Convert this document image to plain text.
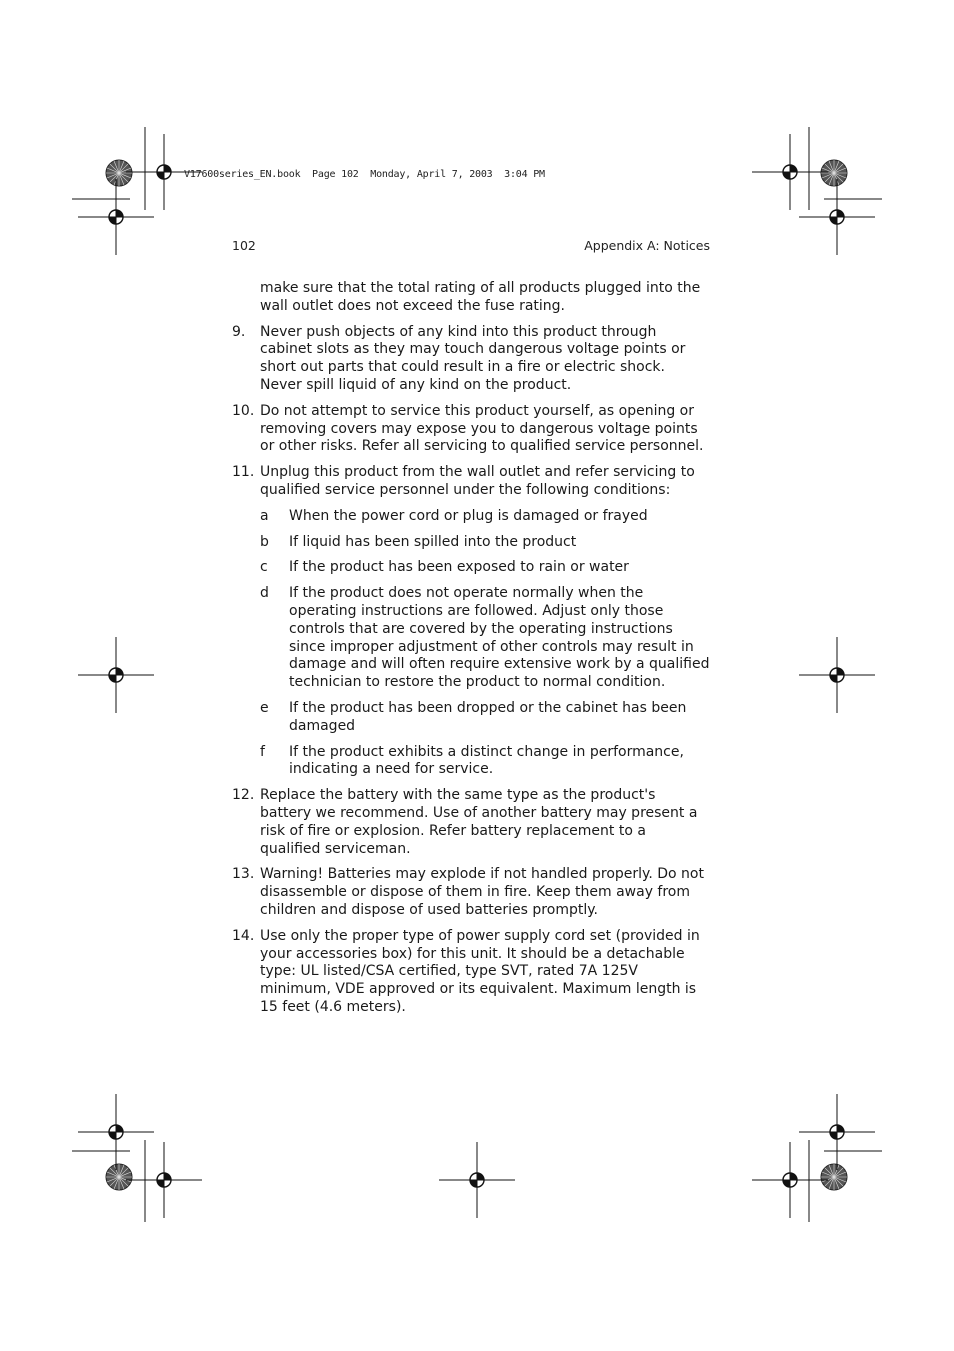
V17600series_EN.book  Page 102  Monday, April 7, 2003  3:04 PM
102	Appendix A: Notices

make sure that the total rating of all products plugged into the wall outlet does not exceed the fuse rating.

9.	Never push objects of any kind into this product through cabinet slots as they may touch dangerous voltage points or short out parts that could result in a fire or electric shock. Never spill liquid of any kind on the product.
10. Do not attempt to service this product yourself, as opening or removing covers may expose you to dangerous voltage points or other risks. Refer all servicing to qualified service personnel.
11. Unplug this product from the wall outlet and refer servicing to qualified service personnel under the following conditions:
a	When the power cord or plug is damaged or frayed
b	If liquid has been spilled into the product
c	If the product has been exposed to rain or water
d	If the product does not operate normally when the operating instructions are followed. Adjust only those controls that are covered by the operating instructions since improper adjustment of other controls may result in damage and will often require extensive work by a qualified technician to restore the product to normal condition.
e	If the product has been dropped or the cabinet has been damaged
f	If the product exhibits a distinct change in performance, indicating a need for service.
12. Replace the battery with the same type as the product's battery we recommend. Use of another battery may present a risk of fire or explosion. Refer battery replacement to a qualified serviceman.
13. Warning! Batteries may explode if not handled properly. Do not disassemble or dispose of them in fire. Keep them away from children and dispose of used batteries promptly.
14. Use only the proper type of power supply cord set (provided in your accessories box) for this unit. It should be a detachable type: UL listed/CSA certified, type SVT, rated 7A 125V minimum, VDE approved or its equivalent. Maximum length is 15 feet (4.6 meters).
